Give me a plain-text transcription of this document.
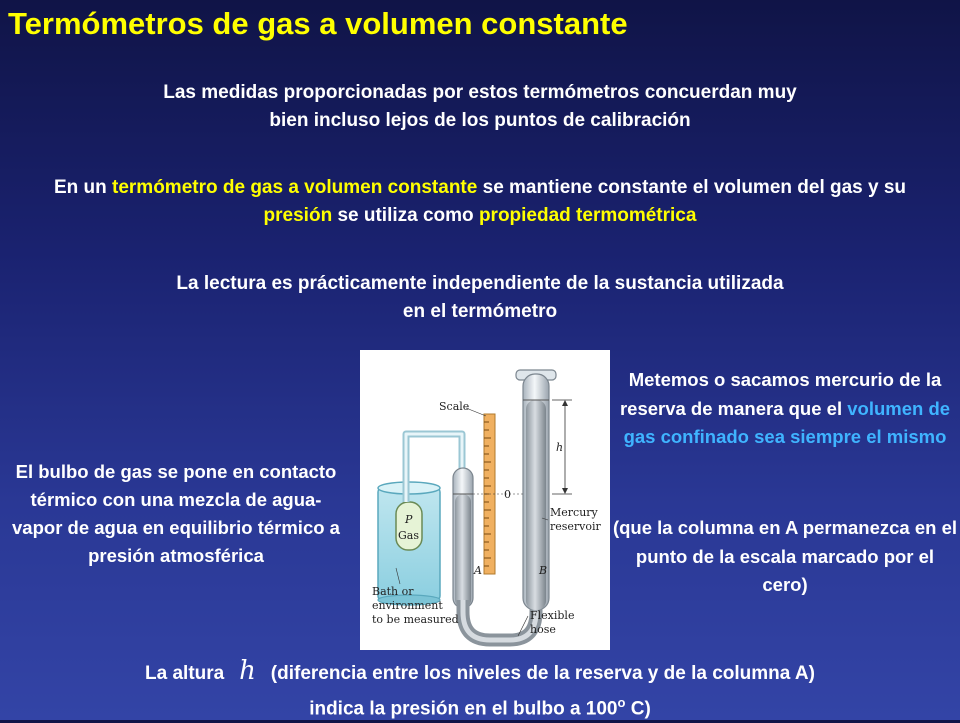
Termómetros de gas a volumen constante
Las medidas proporcionadas por estos termómetros concuerdan muy
bien incluso lejos de los puntos de calibración
En un termómetro de gas a volumen constante se mantiene constante el volumen del gas y su presión se utiliza como propiedad termométrica
La lectura es prácticamente independiente de la sustancia utilizada
en el termómetro
El bulbo de gas se pone en contacto térmico con una mezcla de agua-vapor de agua en equilibrio térmico a presión atmosférica
Metemos o sacamos mercurio de la reserva de manera que el volumen de gas confinado sea siempre el mismo
(que la columna en A permanezca en el punto de la escala marcado por el cero)
Scale
h
0
P
Gas
Mercury
reservoir
A	B
Bath or
environment
to be measured	Flexible
hose
La altura h (diferencia entre los niveles de la reserva y de la columna A)
indica la presión en el bulbo a 100$^o$ C)
